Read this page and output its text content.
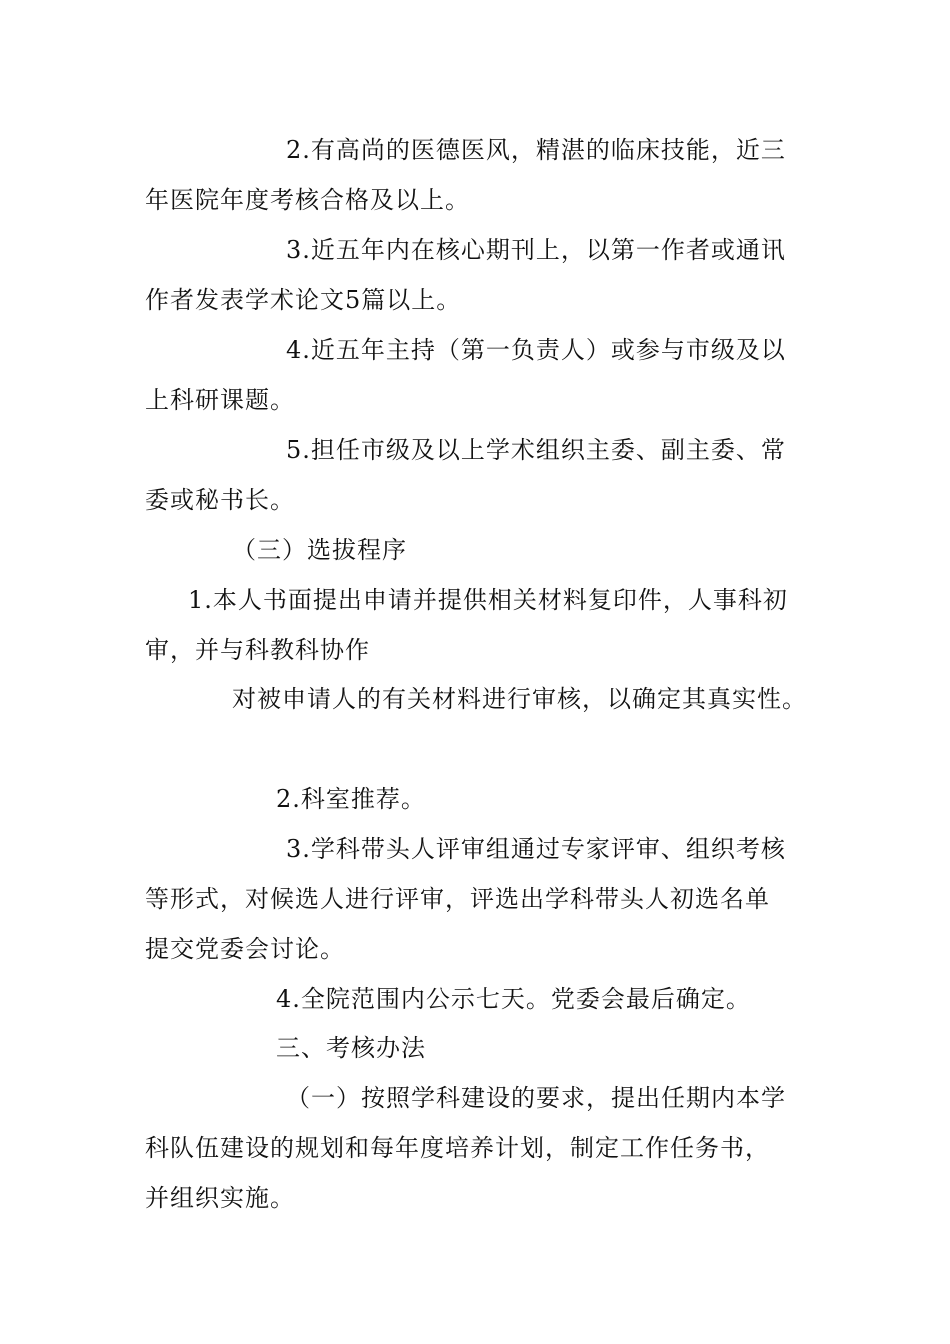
2.有高尚的医德医风，精湛的临床技能，近三
年医院年度考核合格及以上。
3.近五年内在核心期刊上，以第一作者或通讯
作者发表学术论文5篇以上。
4.近五年主持（第一负责人）或参与市级及以
上科研课题。
5.担任市级及以上学术组织主委、副主委、常
委或秘书长。
（三）选拔程序
1.本人书面提出申请并提供相关材料复印件，人事科初
审，并与科教科协作
对被申请人的有关材料进行审核，以确定其真实性。
2.科室推荐。
3.学科带头人评审组通过专家评审、组织考核
等形式，对候选人进行评审，评选出学科带头人初选名单
提交党委会讨论。
4.全院范围内公示七天。党委会最后确定。
三、考核办法
（一）按照学科建设的要求，提出任期内本学
科队伍建设的规划和每年度培养计划，制定工作任务书，
并组织实施。
